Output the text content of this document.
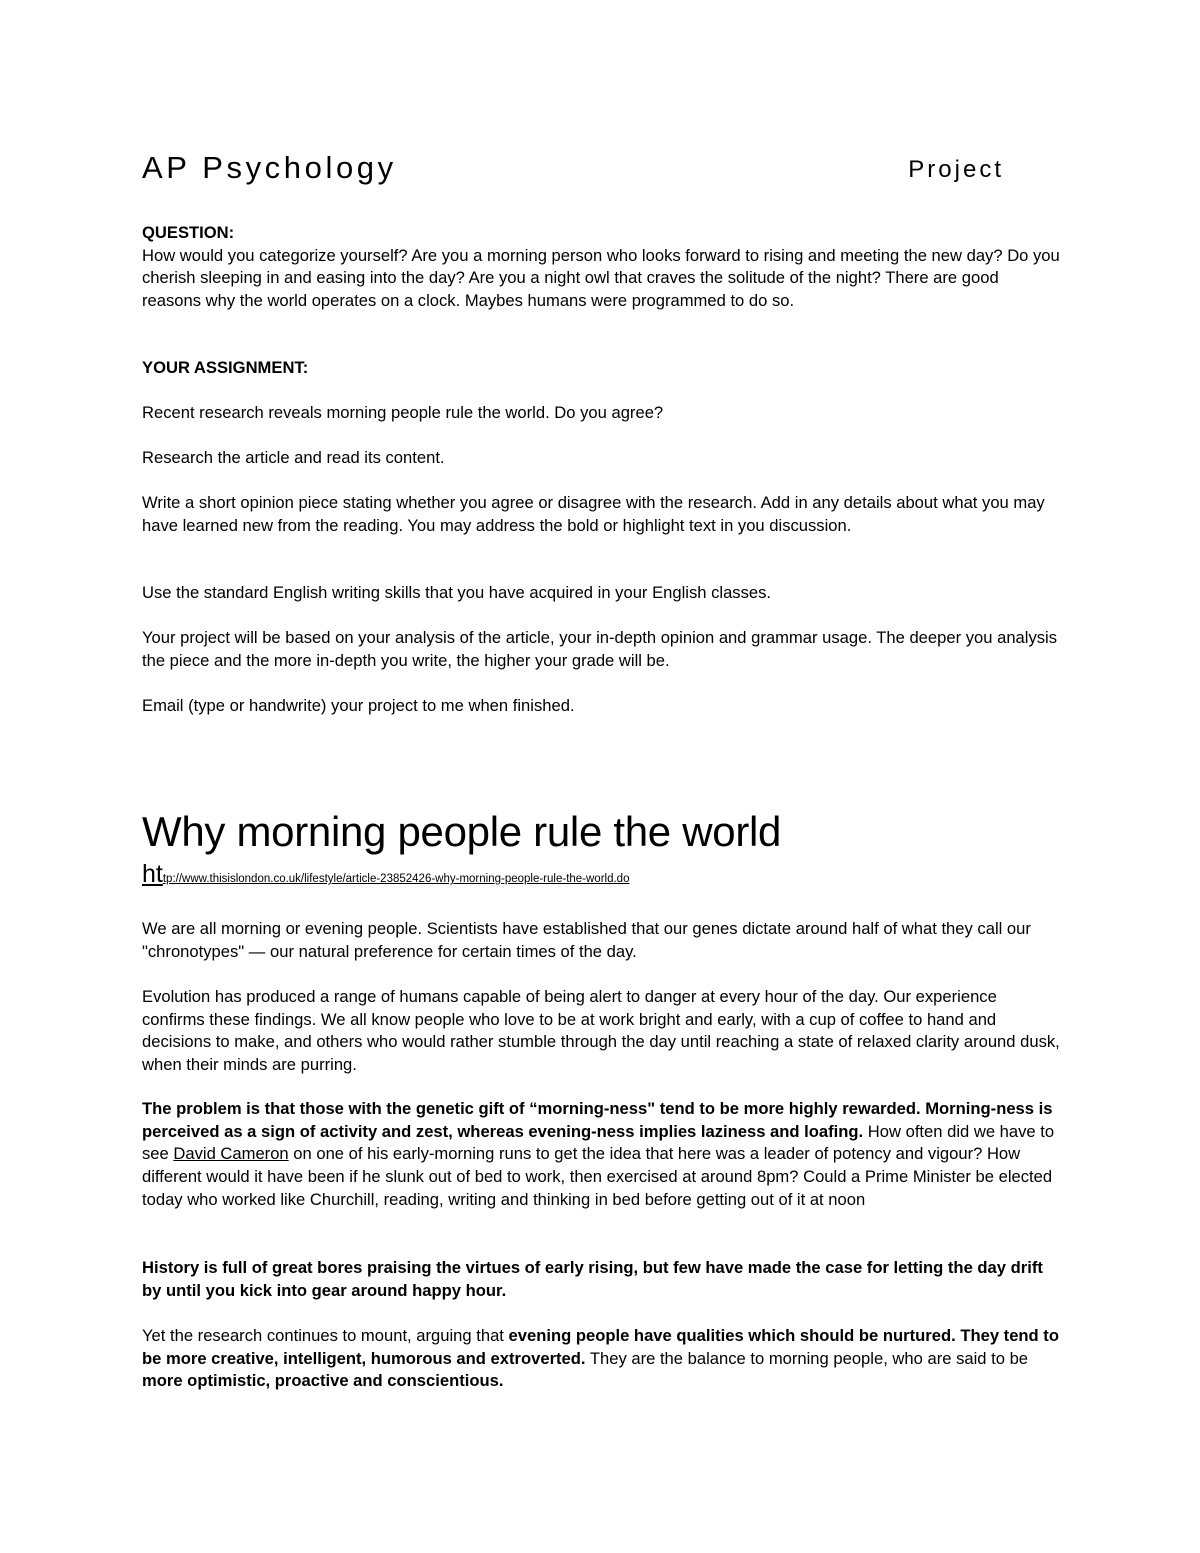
AP Psychology	Project

QUESTION:

How would you categorize yourself? Are you a morning person who looks forward to rising and meeting the new day? Do you cherish sleeping in and easing into the day? Are you a night owl that craves the solitude of the night? There are good reasons why the world operates on a clock. Maybes humans were programmed to do so.

YOUR ASSIGNMENT:

Recent research reveals morning people rule the world. Do you agree?

Research the article and read its content.

Write a short opinion piece stating whether you agree or disagree with the research. Add in any details about what you may have learned new from the reading. You may address the bold or highlight text in you discussion.

Use the standard English writing skills that you have acquired in your English classes.

Your project will be based on your analysis of the article, your in-depth opinion and grammar usage. The deeper you analysis the piece and the more in-depth you write, the higher your grade will be.

Email (type or handwrite) your project to me when finished.

Why morning people rule the world
http://www.thisislondon.co.uk/lifestyle/article-23852426-why-morning-people-rule-the-world.do

We are all morning or evening people. Scientists have established that our genes dictate around half of what they call our "chronotypes" — our natural preference for certain times of the day.

Evolution has produced a range of humans capable of being alert to danger at every hour of the day. Our experience confirms these findings. We all know people who love to be at work bright and early, with a cup of coffee to hand and decisions to make, and others who would rather stumble through the day until reaching a state of relaxed clarity around dusk, when their minds are purring.

The problem is that those with the genetic gift of “morning-ness" tend to be more highly rewarded. Morning-ness is perceived as a sign of activity and zest, whereas evening-ness implies laziness and loafing. How often did we have to see David Cameron on one of his early-morning runs to get the idea that here was a leader of potency and vigour? How different would it have been if he slunk out of bed to work, then exercised at around 8pm? Could a Prime Minister be elected today who worked like Churchill, reading, writing and thinking in bed before getting out of it at noon

History is full of great bores praising the virtues of early rising, but few have made the case for letting the day drift by until you kick into gear around happy hour.

Yet the research continues to mount, arguing that evening people have qualities which should be nurtured. They tend to be more creative, intelligent, humorous and extroverted. They are the balance to morning people, who are said to be more optimistic, proactive and conscientious.
